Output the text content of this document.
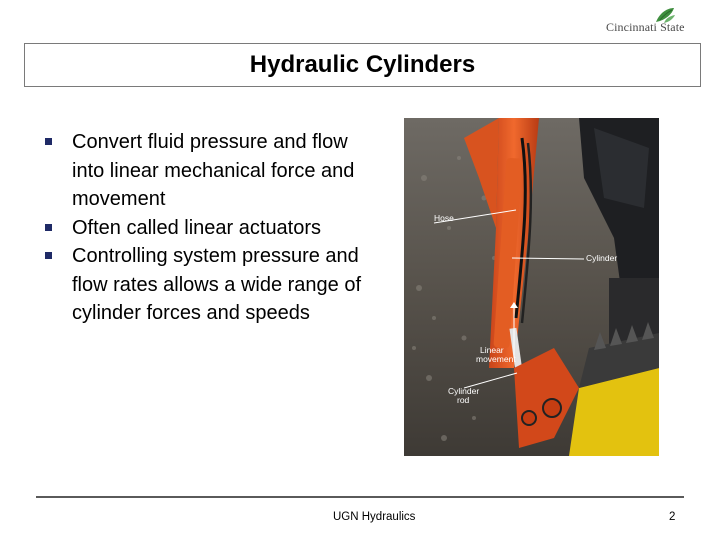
Cincinnati State
Hydraulic Cylinders
Convert fluid pressure and flow into linear mechanical force and movement
Often called linear actuators
Controlling system pressure and flow rates allows a wide range of cylinder forces and speeds
Hose
Cylinder
Linear
movement
Cylinder
rod
UGN Hydraulics	2
